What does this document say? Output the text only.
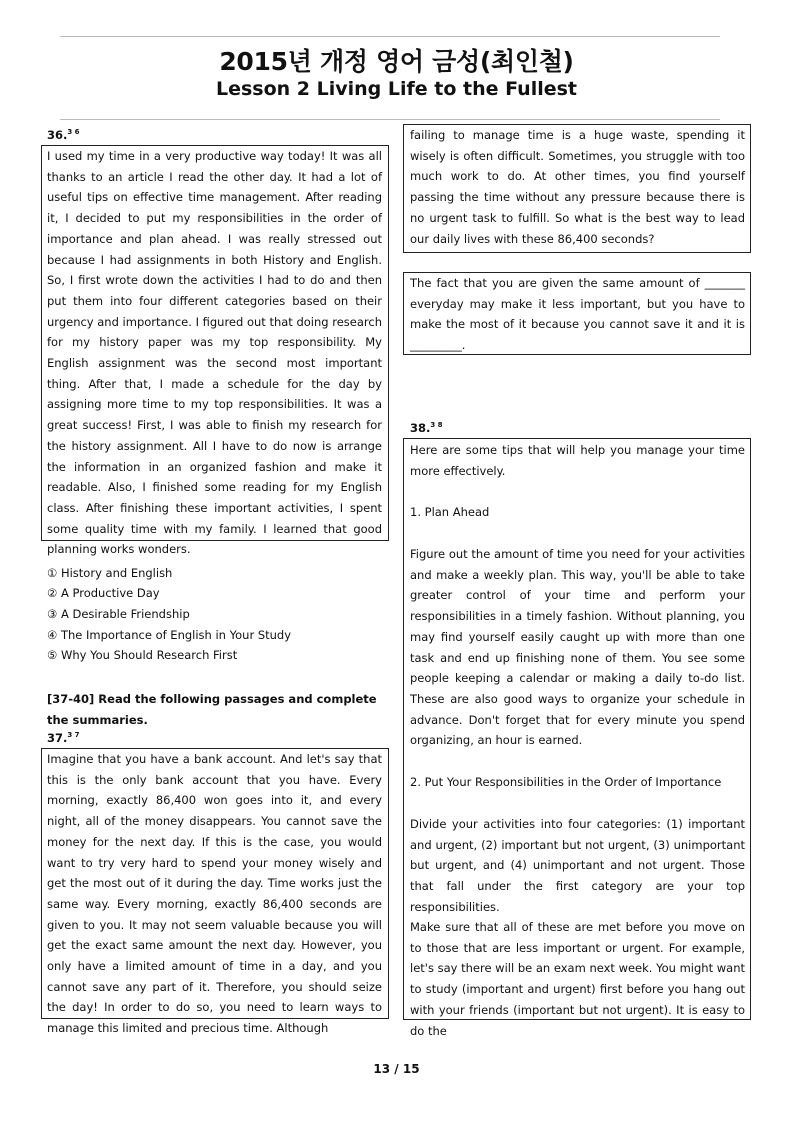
2015년 개정 영어 금성(최인철)
Lesson 2 Living Life to the Fullest
36.$^{3 6}$

I used my time in a very productive way today! It was all thanks to an article I read the other day. It had a lot of useful tips on effective time management. After reading it, I decided to put my responsibilities in the order of importance and plan ahead. I was really stressed out because I had assignments in both History and English. So, I first wrote down the activities I had to do and then put them into four different categories based on their urgency and importance. I figured out that doing research for my history paper was my top responsibility. My English assignment was the second most important thing. After that, I made a schedule for the day by assigning more time to my top responsibilities. It was a great success! First, I was able to finish my research for the history assignment. All I have to do now is arrange the information in an organized fashion and make it readable. Also, I finished some reading for my English class. After finishing these important activities, I spent some quality time with my family. I learned that good planning works wonders.

① History and English
② A Productive Day
③ A Desirable Friendship
④ The Importance of English in Your Study
⑤ Why You Should Research First

[37-40] Read the following passages and complete the summaries.

37.$^{3 7}$

Imagine that you have a bank account. And let's say that this is the only bank account that you have. Every morning, exactly 86,400 won goes into it, and every night, all of the money disappears. You cannot save the money for the next day. If this is the case, you would want to try very hard to spend your money wisely and get the most out of it during the day. Time works just the same way. Every morning, exactly 86,400 seconds are given to you. It may not seem valuable because you will get the exact same amount the next day. However, you only have a limited amount of time in a day, and you cannot save any part of it. Therefore, you should seize the day! In order to do so, you need to learn ways to manage this limited and precious time. Although

failing to manage time is a huge waste, spending it wisely is often difficult. Sometimes, you struggle with too much work to do. At other times, you find yourself passing the time without any pressure because there is no urgent task to fulfill. So what is the best way to lead our daily lives with these 86,400 seconds?

The fact that you are given the same amount of _______ everyday may make it less important, but you have to make the most of it because you cannot save it and it is _________.

38.$^{3 8}$

Here are some tips that will help you manage your time more effectively.

1. Plan Ahead

Figure out the amount of time you need for your activities and make a weekly plan. This way, you'll be able to take greater control of your time and perform your responsibilities in a timely fashion. Without planning, you may find yourself easily caught up with more than one task and end up finishing none of them. You see some people keeping a calendar or making a daily to-do list. These are also good ways to organize your schedule in advance. Don't forget that for every minute you spend organizing, an hour is earned.

2. Put Your Responsibilities in the Order of Importance

Divide your activities into four categories: (1) important and urgent, (2) important but not urgent, (3) unimportant but urgent, and (4) unimportant and not urgent. Those that fall under the first category are your top responsibilities.

Make sure that all of these are met before you move on to those that are less important or urgent. For example, let's say there will be an exam next week. You might want to study (important and urgent) first before you hang out with your friends (important but not urgent). It is easy to do the

13 / 15
